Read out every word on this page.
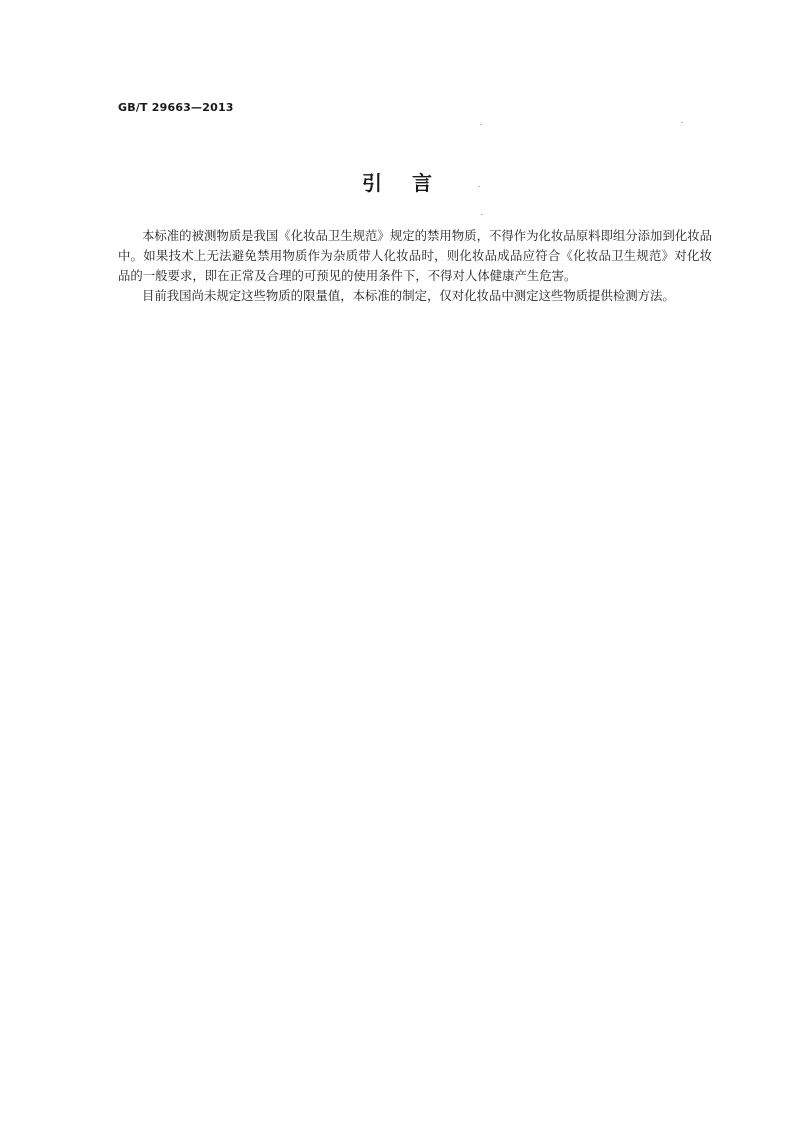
GB/T 29663—2013
引言

本标准的被测物质是我国《化妆品卫生规范》规定的禁用物质，不得作为化妆品原料即组分添加到化妆品中。如果技术上无法避免禁用物质作为杂质带人化妆品时，则化妆品成品应符合《化妆品卫生规范》对化妆品的一般要求，即在正常及合理的可预见的使用条件下，不得对人体健康产生危害。

目前我国尚未规定这些物质的限量值，本标准的制定，仅对化妆品中测定这些物质提供检测方法。
